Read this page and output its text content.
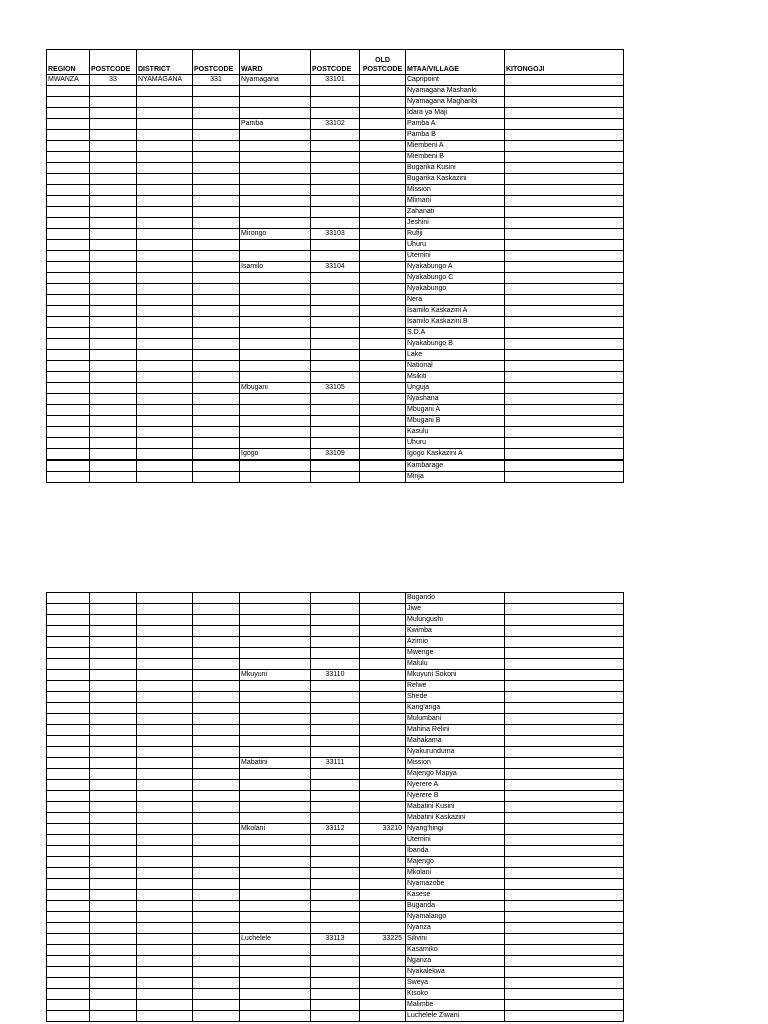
REGION	POSTCODE	DISTRICT	POSTCODE	WARD	POSTCODE	OLD POSTCODE	MTAA/VILLAGE	KITONGOJI
MWANZA	33	NYAMAGANA	331	Nyamagana	33101		Capripoint	
							Nyamagana Mashariki	
							Nyamagana Magharibi	
							Idara ya Maji	
				Pamba	33102		Pamba A	
							Pamba B	
							Miembeni A	
							Miembeni B	
							Bugarika Kusini	
							Bugarika Kaskazini	
							Mission	
							Mlimani	
							Zahanati	
							Jeshini	
				Mirongo	33103		Rufiji	
							Uhuru	
							Utemini	
				Isamilo	33104		Nyakabungo A	
							Nyakabungo C	
							Nyakabungo	
							Nera	
							Isamilo Kaskazini A	
							Isamilo Kaskazini B	
							S.D.A	
							Nyakabungo B	
							Lake	
							National	
							Msikiti	
				Mbugani	33105		Unguja	
							Nyashana	
							Mbugani A	
							Mbugani B	
							Kasulu	
							Uhuru	
				Igogo	33109		Igogo Kaskazini A	
							Kambarage	
							Minja	
							Bugando	
							Jiwe	
							Mulungushi	
							Kwimba	
							Azimio	
							Mwenge	
							Malulu	
				Mkuyuni	33110		Mkuyuni Sokoni	
							Relwe	
							Shede	
							Kang'anga	
							Mulumbani	
							Mahina Relini	
							Mahakama	
							Nyakurunduma	
				Mabatini	33111		Mission	
							Majengo Mapya	
							Nyerere A	
							Nyerere B	
							Mabatini Kusini	
							Mabatini Kaskazini	
				Mkolani	33112	33210	Nyang'hingi	
							Utemini	
							Ibanda	
							Majengo	
							Mkolani	
							Nyamazobe	
							Kasese	
							Buganda	
							Nyamalango	
							Nyanza	
				Luchelele	33113	33225	Silivini	
							Kasamiko	
							Nganza	
							Nyakalekwa	
							Sweya	
							Kisoko	
							Malimbe	
							Luchelele Ziwani	
